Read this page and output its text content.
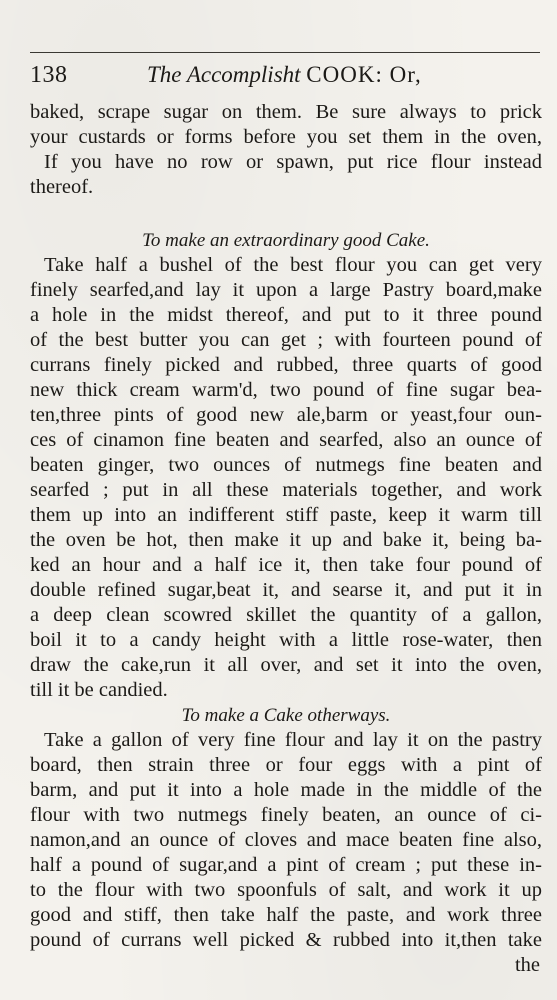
138	The Accomplisht COOK: Or,
baked, scrape sugar on them. Be sure always to prick
your custards or forms before you set them in the oven,
If you have no row or spawn, put rice flour instead
thereof.
To make an extraordinary good Cake.
Take half a bushel of the best flour you can get very
finely searfed,and lay it upon a large Pastry board,make
a hole in the midst thereof, and put to it three pound
of the best butter you can get ; with fourteen pound of
currans finely picked and rubbed, three quarts of good
new thick cream warm'd, two pound of fine sugar bea-
ten,three pints of good new ale,barm or yeast,four oun-
ces of cinamon fine beaten and searfed, also an ounce of
beaten ginger, two ounces of nutmegs fine beaten and
searfed ; put in all these materials together, and work
them up into an indifferent stiff paste, keep it warm till
the oven be hot, then make it up and bake it, being ba-
ked an hour and a half ice it, then take four pound of
double refined sugar,beat it, and searse it, and put it in
a deep clean scowred skillet the quantity of a gallon,
boil it to a candy height with a little rose-water, then
draw the cake,run it all over, and set it into the oven,
till it be candied.
To make a Cake otherways.
Take a gallon of very fine flour and lay it on the pastry
board, then strain three or four eggs with a pint of
barm, and put it into a hole made in the middle of the
flour with two nutmegs finely beaten, an ounce of ci-
namon,and an ounce of cloves and mace beaten fine also,
half a pound of sugar,and a pint of cream ; put these in-
to the flour with two spoonfuls of salt, and work it up
good and stiff, then take half the paste, and work three
pound of currans well picked & rubbed into it,then take
the
